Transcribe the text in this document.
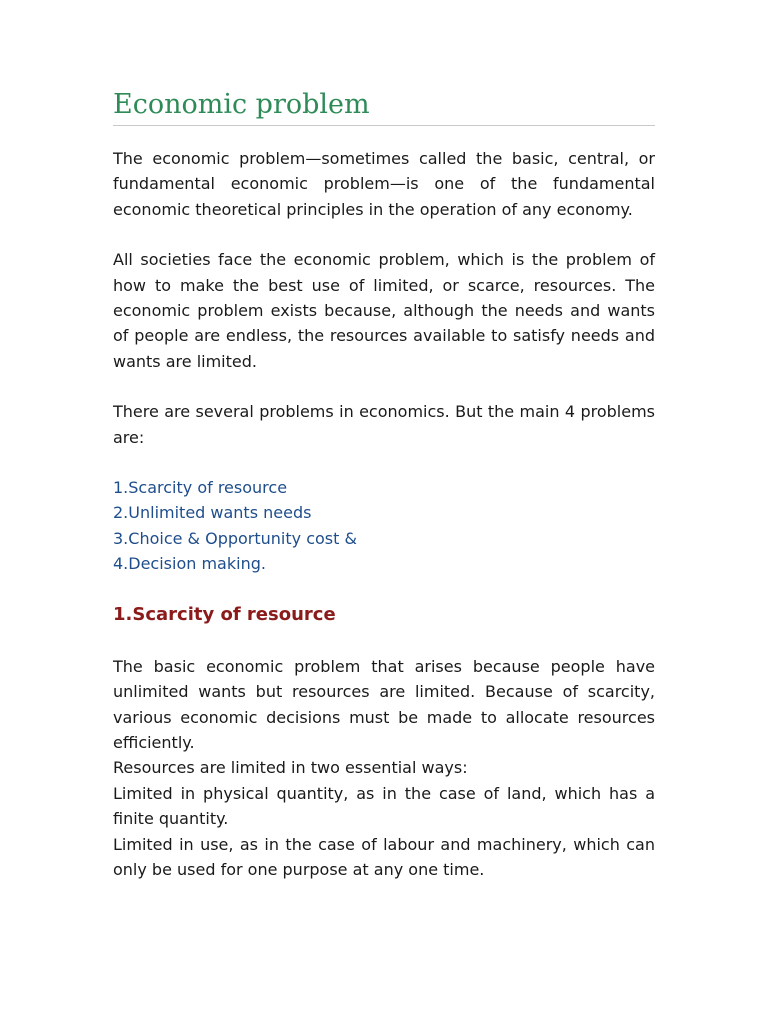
Economic problem

The economic problem—sometimes called the basic, central, or fundamental economic problem—is one of the fundamental economic theoretical principles in the operation of any economy.

All societies face the economic problem, which is the problem of how to make the best use of limited, or scarce, resources. The economic problem exists because, although the needs and wants of people are endless, the resources available to satisfy needs and wants are limited.

There are several problems in economics. But the main 4 problems are:

1.Scarcity of resource
2.Unlimited wants needs
3.Choice & Opportunity cost &
4.Decision making.
1.Scarcity of resource

The basic economic problem that arises because people have unlimited wants but resources are limited. Because of scarcity, various economic decisions must be made to allocate resources efficiently.

Resources are limited in two essential ways:

Limited in physical quantity, as in the case of land, which has a finite quantity.

Limited in use, as in the case of labour and machinery, which can only be used for one purpose at any one time.
